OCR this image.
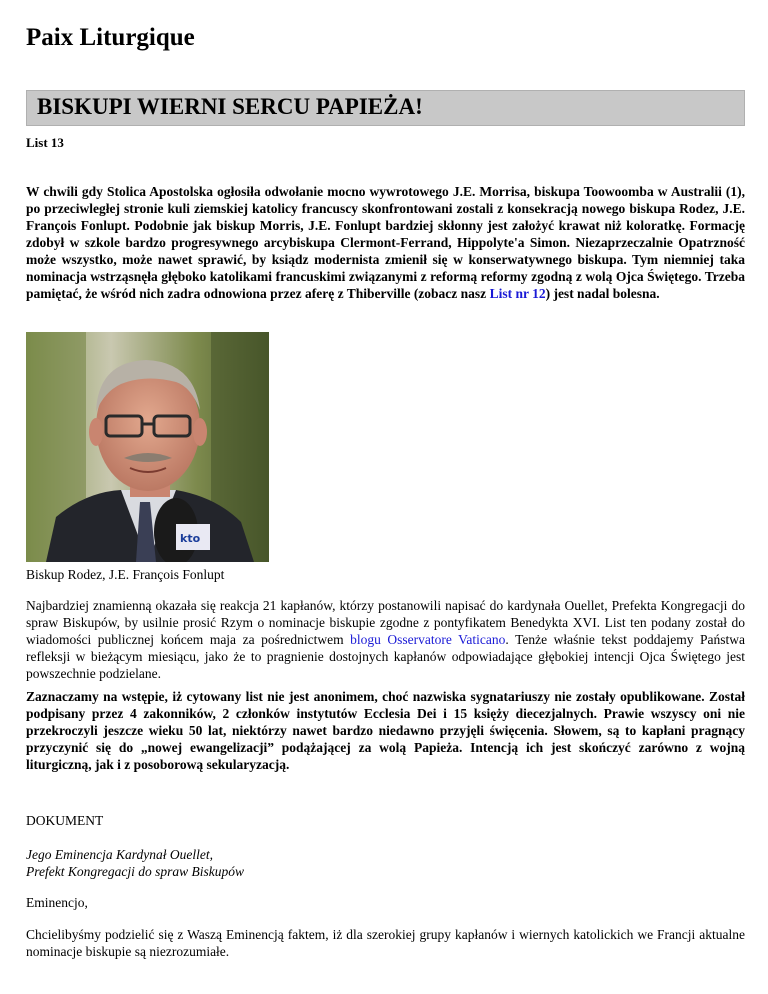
Paix Liturgique
BISKUPI WIERNI SERCU PAPIEŻA!
List 13

W chwili gdy Stolica Apostolska ogłosiła odwołanie mocno wywrotowego J.E. Morrisa, biskupa Toowoomba w Australii (1), po przeciwległej stronie kuli ziemskiej katolicy francuscy skonfrontowani zostali z konsekracją nowego biskupa Rodez, J.E. François Fonlupt. Podobnie jak biskup Morris, J.E. Fonlupt bardziej skłonny jest założyć krawat niż koloratkę. Formację zdobył w szkole bardzo progresywnego arcybiskupa Clermont-Ferrand, Hippolyte'a Simon. Niezaprzeczalnie Opatrzność może wszystko, może nawet sprawić, by ksiądz modernista zmienił się w konserwatywnego biskupa. Tym niemniej taka nominacja wstrząsnęła głęboko katolikami francuskimi związanymi z reformą reformy zgodną z wolą Ojca Świętego. Trzeba pamiętać, że wśród nich zadra odnowiona przez aferę z Thiberville (zobacz nasz List nr 12) jest nadal bolesna.

kto
Biskup Rodez, J.E. François Fonlupt

Najbardziej znamienną okazała się reakcja 21 kapłanów, którzy postanowili napisać do kardynała Ouellet, Prefekta Kongregacji do spraw Biskupów, by usilnie prosić Rzym o nominacje biskupie zgodne z pontyfikatem Benedykta XVI. List ten podany został do wiadomości publicznej końcem maja za pośrednictwem blogu Osservatore Vaticano. Tenże właśnie tekst poddajemy Państwa refleksji w bieżącym miesiącu, jako że to pragnienie dostojnych kapłanów odpowiadające głębokiej intencji Ojca Świętego jest powszechnie podzielane.

Zaznaczamy na wstępie, iż cytowany list nie jest anonimem, choć nazwiska sygnatariuszy nie zostały opublikowane. Został podpisany przez 4 zakonników, 2 członków instytutów Ecclesia Dei i 15 księży diecezjalnych. Prawie wszyscy oni nie przekroczyli jeszcze wieku 50 lat, niektórzy nawet bardzo niedawno przyjęli święcenia. Słowem, są to kapłani pragnący przyczynić się do „nowej ewangelizacji” podążającej za wolą Papieża. Intencją ich jest skończyć zarówno z wojną liturgiczną, jak i z posoborową sekularyzacją.

DOKUMENT
Jego Eminencja Kardynał Ouellet,
Prefekt Kongregacji do spraw Biskupów
Eminencjo,

Chcielibyśmy podzielić się z Waszą Eminencją faktem, iż dla szerokiej grupy kapłanów i wiernych katolickich we Francji aktualne nominacje biskupie są niezrozumiałe.
